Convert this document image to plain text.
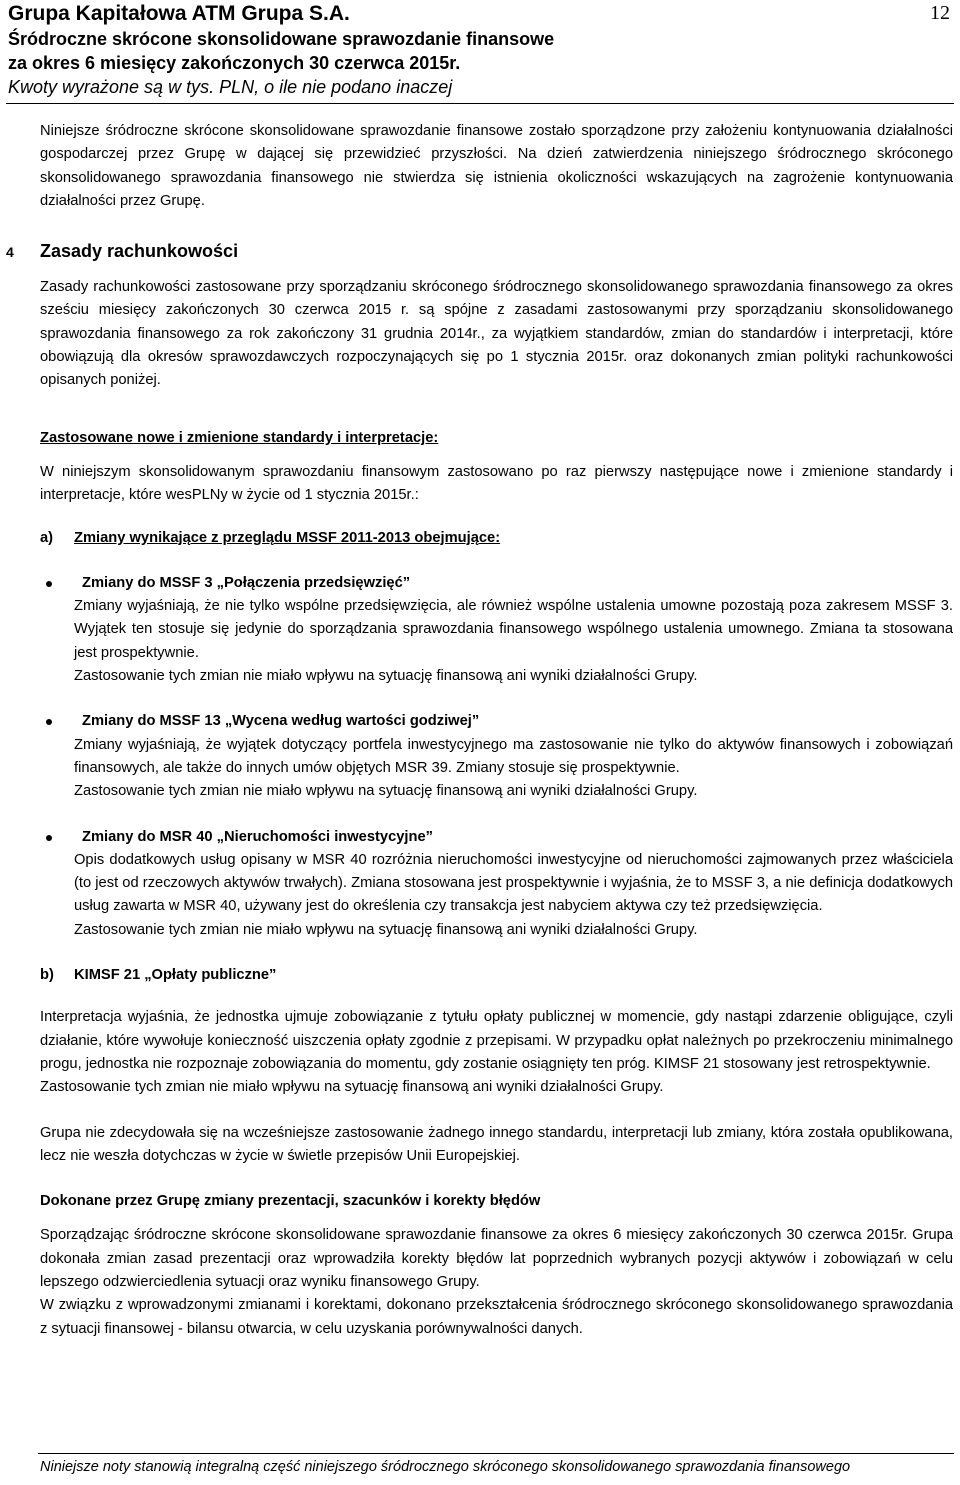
Grupa Kapitałowa ATM Grupa S.A.
Śródroczne skrócone skonsolidowane sprawozdanie finansowe
za okres 6 miesięcy zakończonych 30 czerwca 2015r.
Kwoty wyrażone są w tys. PLN, o ile nie podano inaczej
12

Niniejsze śródroczne skrócone skonsolidowane sprawozdanie finansowe zostało sporządzone przy założeniu kontynuowania działalności gospodarczej przez Grupę w dającej się przewidzieć przyszłości. Na dzień zatwierdzenia niniejszego śródrocznego skróconego skonsolidowanego sprawozdania finansowego nie stwierdza się istnienia okoliczności wskazujących na zagrożenie kontynuowania działalności przez Grupę.

4 Zasady rachunkowości

Zasady rachunkowości zastosowane przy sporządzaniu skróconego śródrocznego skonsolidowanego sprawozdania finansowego za okres sześciu miesięcy zakończonych 30 czerwca 2015 r. są spójne z zasadami zastosowanymi przy sporządzaniu skonsolidowanego sprawozdania finansowego za rok zakończony 31 grudnia 2014r., za wyjątkiem standardów, zmian do standardów i interpretacji, które obowiązują dla okresów sprawozdawczych rozpoczynających się po 1 stycznia 2015r. oraz dokonanych zmian polityki rachunkowości opisanych poniżej.

Zastosowane nowe i zmienione standardy i interpretacje:

W niniejszym skonsolidowanym sprawozdaniu finansowym zastosowano po raz pierwszy następujące nowe i zmienione standardy i interpretacje, które wesPLNy w życie od 1 stycznia 2015r.:

a) Zmiany wynikające z przeglądu MSSF 2011-2013 obejmujące:
Zmiany do MSSF 3 „Połączenia przedsięwzięć”

Zmiany wyjaśniają, że nie tylko wspólne przedsięwzięcia, ale również wspólne ustalenia umowne pozostają poza zakresem MSSF 3. Wyjątek ten stosuje się jedynie do sporządzania sprawozdania finansowego wspólnego ustalenia umownego. Zmiana ta stosowana jest prospektywnie.

Zastosowanie tych zmian nie miało wpływu na sytuację finansową ani wyniki działalności Grupy.

Zmiany do MSSF 13 „Wycena według wartości godziwej”

Zmiany wyjaśniają, że wyjątek dotyczący portfela inwestycyjnego ma zastosowanie nie tylko do aktywów finansowych i zobowiązań finansowych, ale także do innych umów objętych MSR 39. Zmiany stosuje się prospektywnie.

Zastosowanie tych zmian nie miało wpływu na sytuację finansową ani wyniki działalności Grupy.

Zmiany do MSR 40 „Nieruchomości inwestycyjne”

Opis dodatkowych usług opisany w MSR 40 rozróżnia nieruchomości inwestycyjne od nieruchomości zajmowanych przez właściciela (to jest od rzeczowych aktywów trwałych). Zmiana stosowana jest prospektywnie i wyjaśnia, że to MSSF 3, a nie definicja dodatkowych usług zawarta w MSR 40, używany jest do określenia czy transakcja jest nabyciem aktywa czy też przedsięwzięcia.

Zastosowanie tych zmian nie miało wpływu na sytuację finansową ani wyniki działalności Grupy.

b) KIMSF 21 „Opłaty publiczne”

Interpretacja wyjaśnia, że jednostka ujmuje zobowiązanie z tytułu opłaty publicznej w momencie, gdy nastąpi zdarzenie obligujące, czyli działanie, które wywołuje konieczność uiszczenia opłaty zgodnie z przepisami. W przypadku opłat należnych po przekroczeniu minimalnego progu, jednostka nie rozpoznaje zobowiązania do momentu, gdy zostanie osiągnięty ten próg. KIMSF 21 stosowany jest retrospektywnie.

Zastosowanie tych zmian nie miało wpływu na sytuację finansową ani wyniki działalności Grupy.

Grupa nie zdecydowała się na wcześniejsze zastosowanie żadnego innego standardu, interpretacji lub zmiany, która została opublikowana, lecz nie weszła dotychczas w życie w świetle przepisów Unii Europejskiej.

Dokonane przez Grupę zmiany prezentacji, szacunków i korekty błędów

Sporządzając śródroczne skrócone skonsolidowane sprawozdanie finansowe za okres 6 miesięcy zakończonych 30 czerwca 2015r. Grupa dokonała zmian zasad prezentacji oraz wprowadziła korekty błędów lat poprzednich wybranych pozycji aktywów i zobowiązań w celu lepszego odzwierciedlenia sytuacji oraz wyniku finansowego Grupy.

W związku z wprowadzonymi zmianami i korektami, dokonano przekształcenia śródrocznego skróconego skonsolidowanego sprawozdania z sytuacji finansowej - bilansu otwarcia, w celu uzyskania porównywalności danych.

Niniejsze noty stanowią integralną część niniejszego śródrocznego skróconego skonsolidowanego sprawozdania finansowego
